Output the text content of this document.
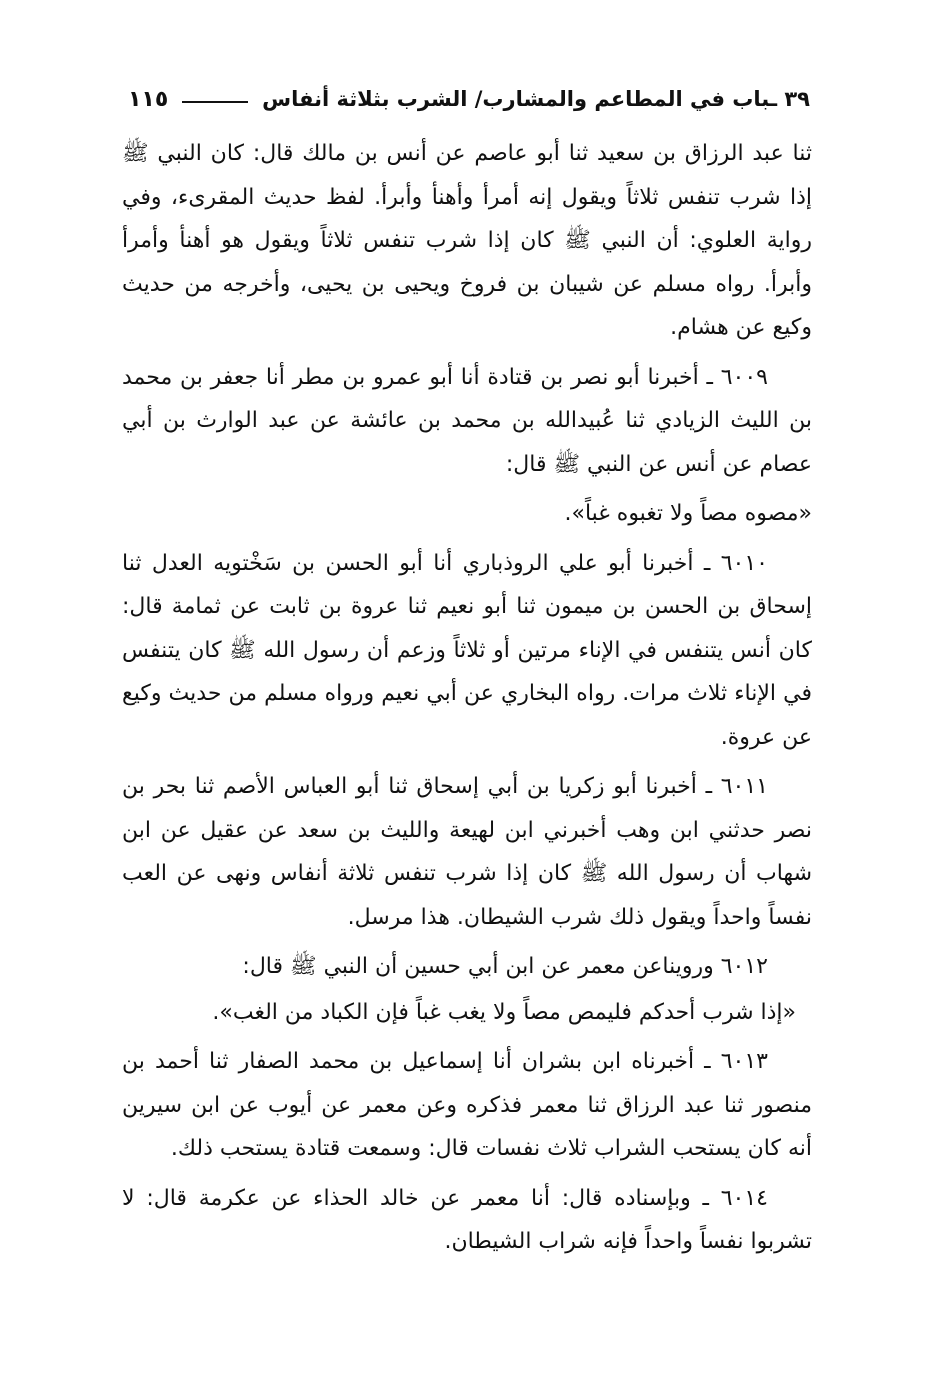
٣٩ ـباب في المطاعم والمشارب/ الشرب بثلاثة أنفاس
١١٥

ثنا عبد الرزاق بن سعيد ثنا أبو عاصم عن أنس بن مالك قال: كان النبي ﷺ إذا شرب تنفس ثلاثاً ويقول إنه أمرأ وأهنأ وأبرأ. لفظ حديث المقرىء، وفي رواية العلوي: أن النبي ﷺ كان إذا شرب تنفس ثلاثاً ويقول هو أهنأ وأمرأ وأبرأ. رواه مسلم عن شيبان بن فروخ ويحيى بن يحيى، وأخرجه من حديث وكيع عن هشام.

٦٠٠٩ ـ أخبرنا أبو نصر بن قتادة أنا أبو عمرو بن مطر أنا جعفر بن محمد بن الليث الزيادي ثنا عُبيدالله بن محمد بن عائشة عن عبد الوارث بن أبي عصام عن أنس عن النبي ﷺ قال:

«مصوه مصاً ولا تغبوه غباً».

٦٠١٠ ـ أخبرنا أبو علي الروذباري أنا أبو الحسن بن سَخْتويه العدل ثنا إسحاق بن الحسن بن ميمون ثنا أبو نعيم ثنا عروة بن ثابت عن ثمامة قال: كان أنس يتنفس في الإناء مرتين أو ثلاثاً وزعم أن رسول الله ﷺ كان يتنفس في الإناء ثلاث مرات. رواه البخاري عن أبي نعيم ورواه مسلم من حديث وكيع عن عروة.

٦٠١١ ـ أخبرنا أبو زكريا بن أبي إسحاق ثنا أبو العباس الأصم ثنا بحر بن نصر حدثني ابن وهب أخبرني ابن لهيعة والليث بن سعد عن عقيل عن ابن شهاب أن رسول الله ﷺ كان إذا شرب تنفس ثلاثة أنفاس ونهى عن العب نفساً واحداً ويقول ذلك شرب الشيطان. هذا مرسل.

٦٠١٢ ورويناعن معمر عن ابن أبي حسين أن النبي ﷺ قال:

«إذا شرب أحدكم فليمص مصاً ولا يغب غباً فإن الكباد من الغب».

٦٠١٣ ـ أخبرناه ابن بشران أنا إسماعيل بن محمد الصفار ثنا أحمد بن منصور ثنا عبد الرزاق ثنا معمر فذكره وعن معمر عن أيوب عن ابن سيرين أنه كان يستحب الشراب ثلاث نفسات قال: وسمعت قتادة يستحب ذلك.

٦٠١٤ ـ وبإسناده قال: أنا معمر عن خالد الحذاء عن عكرمة قال: لا تشربوا نفساً واحداً فإنه شراب الشيطان.
